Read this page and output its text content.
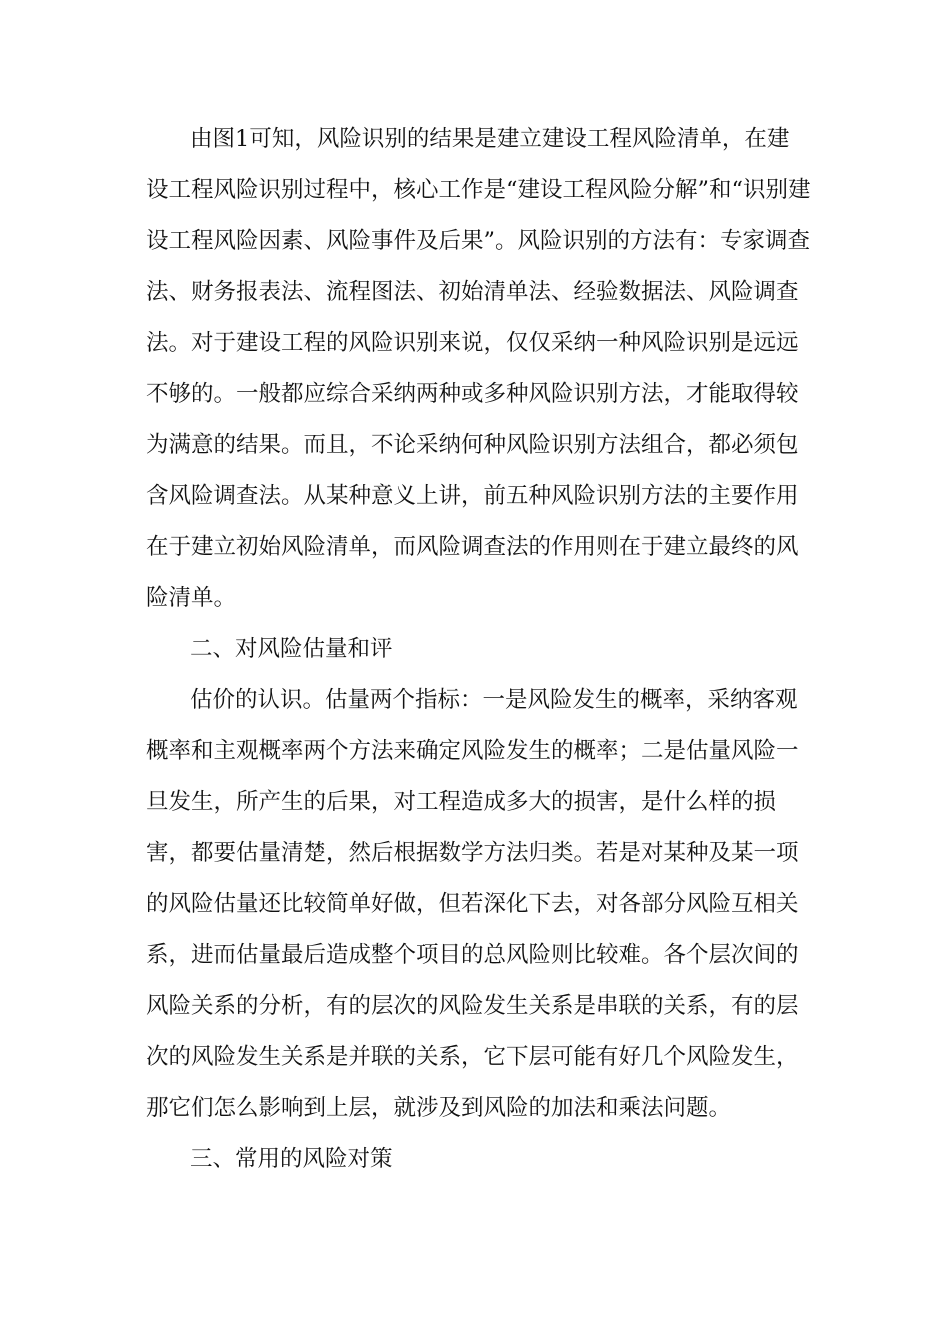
由图1可知，风险识别的结果是建立建设工程风险清单，在建
设工程风险识别过程中，核心工作是“建设工程风险分解”和“识别建
设工程风险因素、风险事件及后果”。风险识别的方法有：专家调查
法、财务报表法、流程图法、初始清单法、经验数据法、风险调查
法。对于建设工程的风险识别来说，仅仅采纳一种风险识别是远远
不够的。一般都应综合采纳两种或多种风险识别方法，才能取得较
为满意的结果。而且，不论采纳何种风险识别方法组合，都必须包
含风险调查法。从某种意义上讲，前五种风险识别方法的主要作用
在于建立初始风险清单，而风险调查法的作用则在于建立最终的风
险清单。
二、对风险估量和评
估价的认识。估量两个指标：一是风险发生的概率，采纳客观
概率和主观概率两个方法来确定风险发生的概率；二是估量风险一
旦发生，所产生的后果，对工程造成多大的损害，是什么样的损
害，都要估量清楚，然后根据数学方法归类。若是对某种及某一项
的风险估量还比较简单好做，但若深化下去，对各部分风险互相关
系，进而估量最后造成整个项目的总风险则比较难。各个层次间的
风险关系的分析，有的层次的风险发生关系是串联的关系，有的层
次的风险发生关系是并联的关系，它下层可能有好几个风险发生，
那它们怎么影响到上层，就涉及到风险的加法和乘法问题。
三、常用的风险对策
